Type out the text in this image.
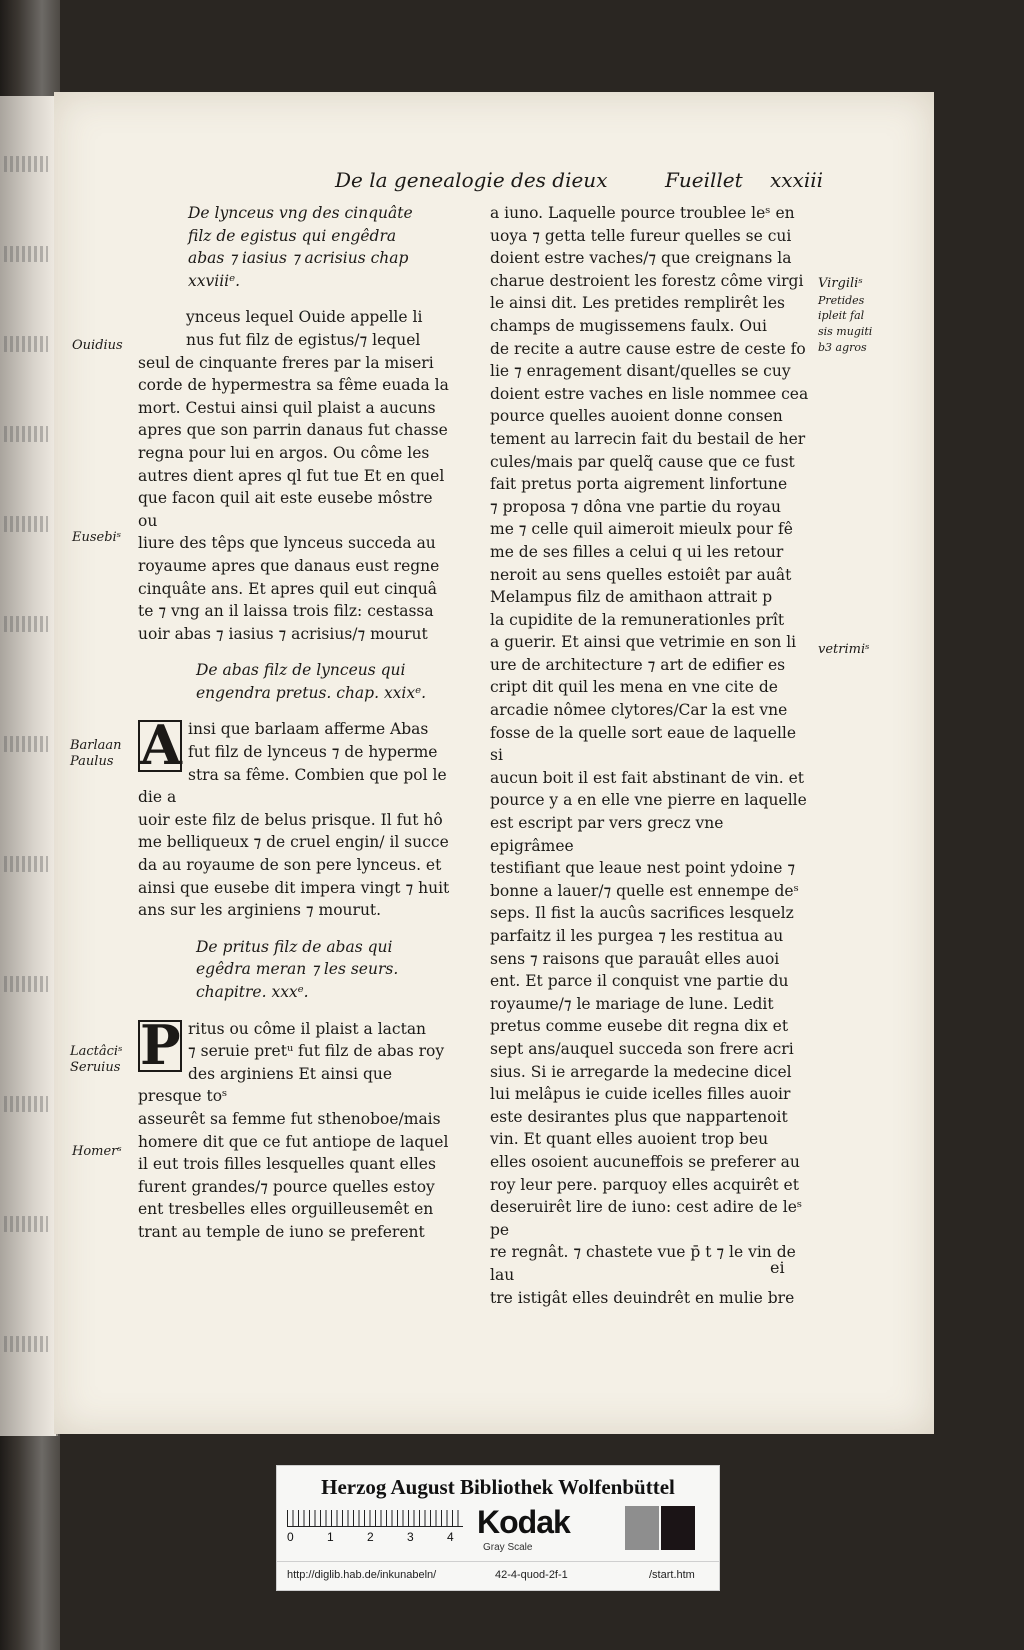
De la genealogie des dieux	Fueillet xxxiii

De lynceus vng des cinquâte filz de egistus qui engêdra abas ⁊ iasius ⁊ acrisius chap xxviiiᵉ.

ynceus lequel Ouide appelle li

nus fut filz de egistus/⁊ lequel

seul de cinquante freres par la miseri

corde de hypermestra sa fême euada la

mort. Cestui ainsi quil plaist a aucuns

apres que son parrin danaus fut chasse

regna pour lui en argos. Ou côme les

autres dient apres ql fut tue Et en quel

que facon quil ait este eusebe môstre ou

liure des têps que lynceus succeda au

royaume apres que danaus eust regne

cinquâte ans. Et apres quil eut cinquâ

te ⁊ vng an il laissa trois filz: cestassa

uoir abas ⁊ iasius ⁊ acrisius/⁊ mourut

De abas filz de lynceus qui engendra pretus. chap. xxixᵉ.

A insi que barlaam afferme Abas

fut filz de lynceus ⁊ de hyperme

stra sa fême. Combien que pol le die a

uoir este filz de belus prisque. Il fut hô

me belliqueux ⁊ de cruel engin/ il succe

da au royaume de son pere lynceus. et

ainsi que eusebe dit impera vingt ⁊ huit

ans sur les arginiens ⁊ mourut.

De pritus filz de abas qui egêdra meran ⁊ les seurs. chapitre. xxxᵉ.

P ritus ou côme il plaist a lactan

⁊ seruie pretᵘ fut filz de abas roy

des arginiens Et ainsi que presque toˢ

asseurêt sa femme fut sthenoboe/mais

homere dit que ce fut antiope de laquel

il eut trois filles lesquelles quant elles

furent grandes/⁊ pource quelles estoy

ent tresbelles elles orguilleusemêt en

trant au temple de iuno se preferent

a iuno. Laquelle pource troublee leˢ en

uoya ⁊ getta telle fureur quelles se cui

doient estre vaches/⁊ que creignans la

charue destroient les forestz côme virgi

le ainsi dit. Les pretides remplirêt les

champs de mugissemens faulx. Oui

de recite a autre cause estre de ceste fo

lie ⁊ enragement disant/quelles se cuy

doient estre vaches en lisle nommee cea

pource quelles auoient donne consen

tement au larrecin fait du bestail de her

cules/mais par quelq̃ cause que ce fust

fait pretus porta aigrement linfortune

⁊ proposa ⁊ dôna vne partie du royau

me ⁊ celle quil aimeroit mieulx pour fê

me de ses filles a celui q ui les retour

neroit au sens quelles estoiêt par auât

Melampus filz de amithaon attrait p

la cupidite de la remunerationles prît

a guerir. Et ainsi que vetrimie en son li

ure de architecture ⁊ art de edifier es

cript dit quil les mena en vne cite de

arcadie nômee clytores/Car la est vne

fosse de la quelle sort eaue de laquelle si

aucun boit il est fait abstinant de vin. et

pource y a en elle vne pierre en laquelle

est escript par vers grecz vne epigrâmee

testifiant que leaue nest point ydoine ⁊

bonne a lauer/⁊ quelle est ennempe deˢ

seps. Il fist la aucûs sacrifices lesquelz

parfaitz il les purgea ⁊ les restitua au

sens ⁊ raisons que parauât elles auoi

ent. Et parce il conquist vne partie du

royaume/⁊ le mariage de lune. Ledit

pretus comme eusebe dit regna dix et

sept ans/auquel succeda son frere acri

sius. Si ie arregarde la medecine dicel

lui melâpus ie cuide icelles filles auoir

este desirantes plus que nappartenoit

vin. Et quant elles auoient trop beu

elles osoient aucuneffois se preferer au

roy leur pere. parquoy elles acquirêt et

deseruirêt lire de iuno: cest adire de leˢ pe

re regnât. ⁊ chastete vue p̄ t ⁊ le vin de lau

tre istigât elles deuindrêt en mulie bre

ei
Ouidius
Eusebiˢ
Barlaan
Paulus
Lactâciˢ
Seruius
Homerˢ
Virgiliˢ
Pretides
ipleit fal
sis mugiti
b3 agros
vetrimiˢ
Herzog August Bibliothek Wolfenbüttel
0	1	2	3	4 Kodak
Gray Scale
http://diglib.hab.de/inkunabeln/	42-4-quod-2f-1	/start.htm
